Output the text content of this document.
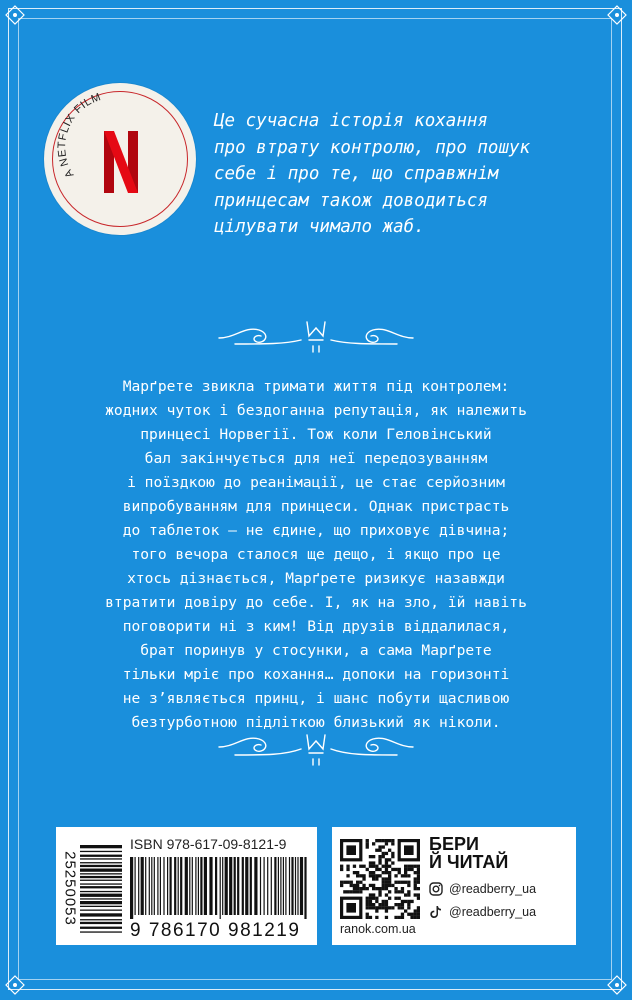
A NETFLIX FILM
Це сучасна історія кохання
про втрату контролю, про пошук
себе і про те, що справжнім
принцесам також доводиться
цілувати чимало жаб.
Марґрете звикла тримати життя під контролем:
жодних чуток і бездоганна репутація, як належить
принцесі Норвегії. Тож коли Геловінський
бал закінчується для неї передозуванням
і поїздкою до реанімації, це стає серйозним
випробуванням для принцеси. Однак пристрасть
до таблеток — не єдине, що приховує дівчина;
того вечора сталося ще дещо, і якщо про це
хтось дізнається, Марґрете ризикує назавжди
втратити довіру до себе. І, як на зло, їй навіть
поговорити ні з ким! Від друзів віддалилася,
брат поринув у стосунки, а сама Марґрете
тільки мріє про кохання… допоки на горизонті
не з’являється принц, і шанс побути щасливою
безтурботною підліткою близький як ніколи.
25250053
ISBN 978-617-09-8121-9
9 786170 981219	ranok.com.ua
БЕРИ
Й ЧИТАЙ
@readberry_ua
@readberry_ua
